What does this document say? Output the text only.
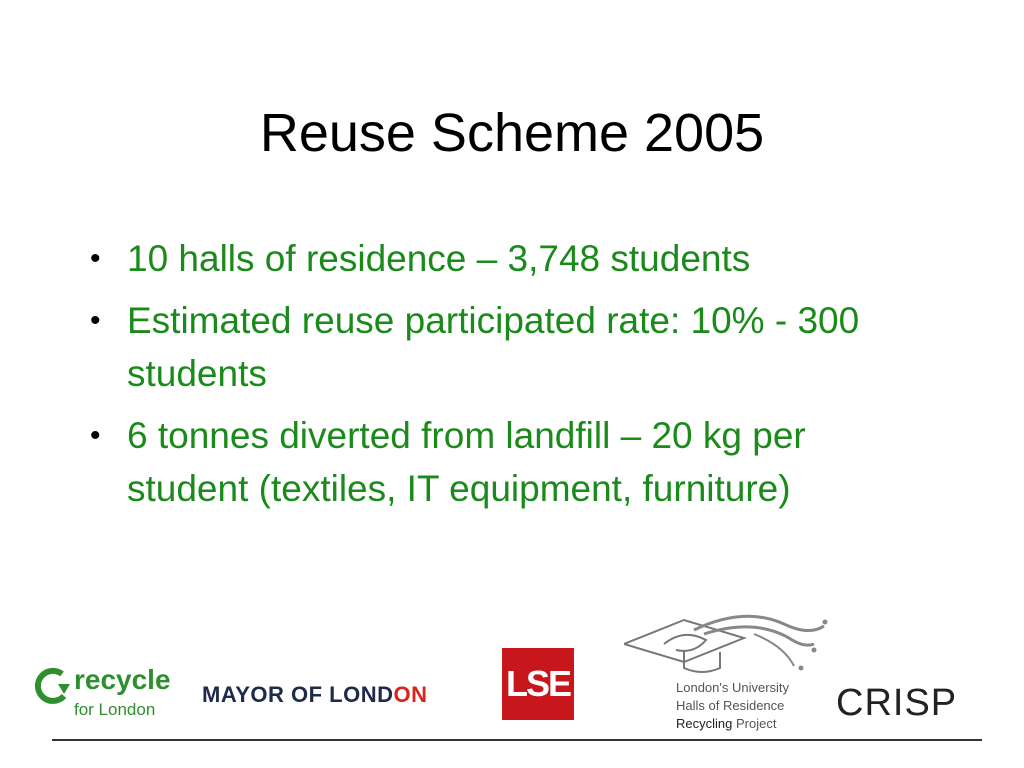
Reuse Scheme 2005
• 10 halls of residence – 3,748 students
• Estimated reuse participated rate: 10% - 300 students
• 6 tonnes diverted from landfill – 20 kg per student (textiles, IT equipment, furniture)
recycle
for London
MAYOR OF LONDON LSE	London's University
Halls of Residence
Recycling Project CRISP
